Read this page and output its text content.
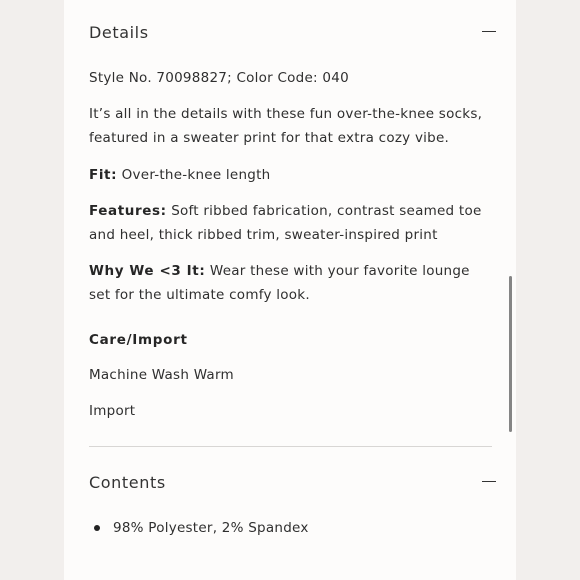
Details

Style No. 70098827; Color Code: 040

It’s all in the details with these fun over-the-knee socks, featured in a sweater print for that extra cozy vibe.

Fit: Over-the-knee length

Features: Soft ribbed fabrication, contrast seamed toe and heel, thick ribbed trim, sweater-inspired print

Why We <3 It: Wear these with your favorite lounge set for the ultimate comfy look.

Care/Import

Machine Wash Warm

Import

Contents
98% Polyester, 2% Spandex
